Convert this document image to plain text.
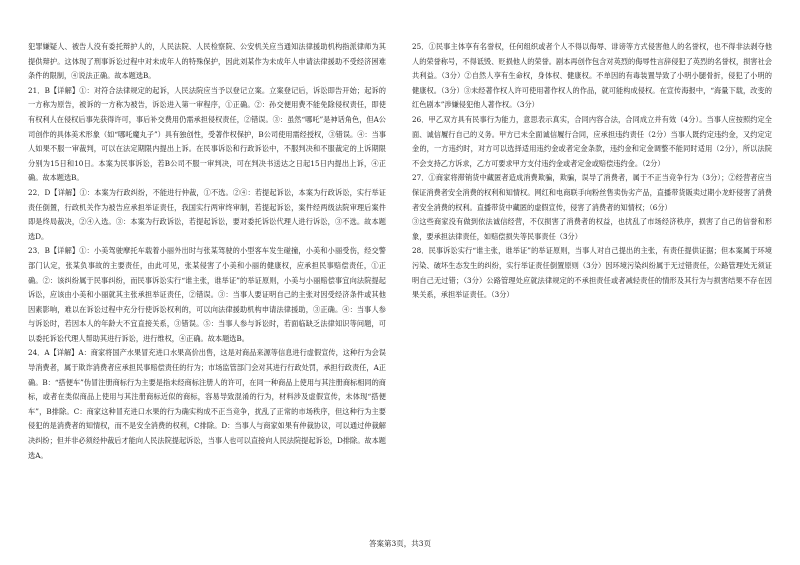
犯罪嫌疑人、被告人没有委托辩护人的，人民法院、人民检察院、公安机关应当通知法律援助机构指派律师为其提供辩护。这体现了刑事诉讼过程中对未成年人的特殊保护，因此刘某作为未成年人申请法律援助不受经济困难条件的限制，④说法正确。故本题选B。

21．B【详解】①：对符合法律规定的起诉，人民法院应当予以登记立案。立案登记后，诉讼即告开始；起诉的一方称为原告，被诉的一方称为被告，诉讼进入第一审程序，①正确。②：孙交便用费不能免除侵权责任，即使有权利人在侵权后事先获得许可，事后补交费用仍需承担侵权责任，②错误。③：虽然“哪吒”是神话角色，但A公司创作的具体美术形象（如“哪吒魔丸子”）具有独创性，受著作权保护，B公司使用需经授权，③错误。④：当事人如果不服一审裁判，可以在法定期限内提出上诉。在民事诉讼和行政诉讼中，不服判决和不服裁定的上诉期限分别为15日和10日。本案为民事诉讼，若B公司不服一审判决，可在判决书送达之日起15日内提出上诉，④正确。故本题选B。

22．D【详解】①：本案为行政纠纷，不能进行仲裁，①不选。②④：若提起诉讼，本案为行政诉讼，实行举证责任倒置，行政机关作为被告应承担举证责任，我国实行两审终审制，若提起诉讼，案件经两级法院审理后案件即是终局裁决，②④入选。③：本案为行政诉讼，若提起诉讼，要对委托诉讼代理人进行诉讼，③不选。故本题选D。

23．B【详解】①：小美驾驶摩托车载着小丽外出时与张某驾驶的小型客车发生碰撞，小美和小丽受伤，经交警部门认定，张某负事故的主要责任，由此可见，张某侵害了小美和小丽的健康权，应承担民事赔偿责任，①正确。②：该纠纷属于民事纠纷，而民事诉讼实行“谁主张，谁举证”的举证原则，小美与小丽赔偿事宜向法院提起诉讼，应该由小美和小丽就其主张承担举证责任，②错误。③：当事人要证明自己的主张对因受经济条件或其他因素影响，难以在诉讼过程中充分行使诉讼权利的，可以向法律援助机构申请法律援助，③正确。④：当事人参与诉讼时，若因本人的年龄大不宜直接关系，③错误。⑤：当事人参与诉讼时，若面临缺乏法律知识等问题，可以委托诉讼代理人帮助其进行诉讼，进行维权，④正确。故本题选B。

24．A【详解】A：商家将国产水果冒充进口水果高价出售，这是对商品来源等信息进行虚假宣传，这种行为会误导消费者，属于欺诈消费者应承担民事赔偿责任的行为；市场监管部门会对其进行行政处罚，承担行政责任，A正确。B：“搭便车”伪冒注册商标行为主要是指未经商标注册人的许可，在同一种商品上使用与其注册商标相同的商标，或者在类似商品上使用与其注册商标近似的商标，容易导致混淆的行为，材料涉及虚假宣传，未体现“搭便车”，B排除。C：商家这种冒充进口水果的行为确实构成不正当竞争，扰乱了正常的市场秩序，但这种行为主要侵犯的是消费者的知情权，而不是安全消费的权利，C排除。D：当事人与商家如果有仲裁协议，可以通过仲裁解决纠纷；但并非必须经仲裁后才能向人民法院提起诉讼，当事人也可以直接向人民法院提起诉讼，D排除。故本题选A。

25．①民事主体享有名誉权，任何组织或者个人不得以侮辱、诽谤等方式侵害他人的名誉权，也不得非法剥夺他人的荣誉称号，不得诋毁、贬损他人的荣誉。剧本再创作包含对英烈的侮辱性言辞侵犯了英烈的名誉权，损害社会共利益。（3分）②自然人享有生命权，身体权、健康权。不单因的有毒装置导致了小明小腿骨折，侵犯了小明的健康权。（3分）③未经著作权人许可使用著作权人的作品，就可能构成侵权。在宣传海报中，“海量下载，改变的红色剧本”涉嫌侵犯他人著作权。（3分）

26．甲乙双方具有民事行为能力，意思表示真实，合同内容合法，合同成立并有效（4分）。当事人应按照约定全面、诚信履行自己的义务。甲方已未全面诚信履行合同，应承担违约责任（2分）当事人既约定违约金，又约定定金的，一方违约时，对方可以选择适用违约金或者定金条款，违约金和定金调整不能同时适用（2分），所以法院不会支持乙方诉求，乙方可要求甲方支付违约金或者定金或赔偿违约金。（2分）

27．①商家将滞销货中藏匿者造成消费欺骗，欺骗，误导了消费者，属于不正当竞争行为（3分）；②经营者应当保证消费者安全消费的权利和知情权。网红和电商联手向粉丝售卖伪劣产品，直播带货販卖过期小龙虾侵害了消费者安全消费的权利。直播带货中藏匿的虚假宣传，侵害了消费者的知情权；（6分）

③这些商家没有做到依法诚信经营，不仅损害了消费者的权益，也扰乱了市场经济秩序，损害了自己的信誉和形象，要承担法律责任，如赔偿损失等民事责任（3分）

28．民事诉讼实行“谁主张，谁举证”的举证原则，当事人对自己提出的主张，有责任提供证据；但本案属于环境污染、破坏生态发生的纠纷，实行举证责任倒置原则（3分）因环境污染纠纷属于无过错责任，公路管理处无须证明自己无过错；（3分）公路管理处应就法律规定的不承担责任或者减轻责任的情形及其行为与损害结果不存在因果关系，承担举证责任。（3分）

答案第3页，共3页
